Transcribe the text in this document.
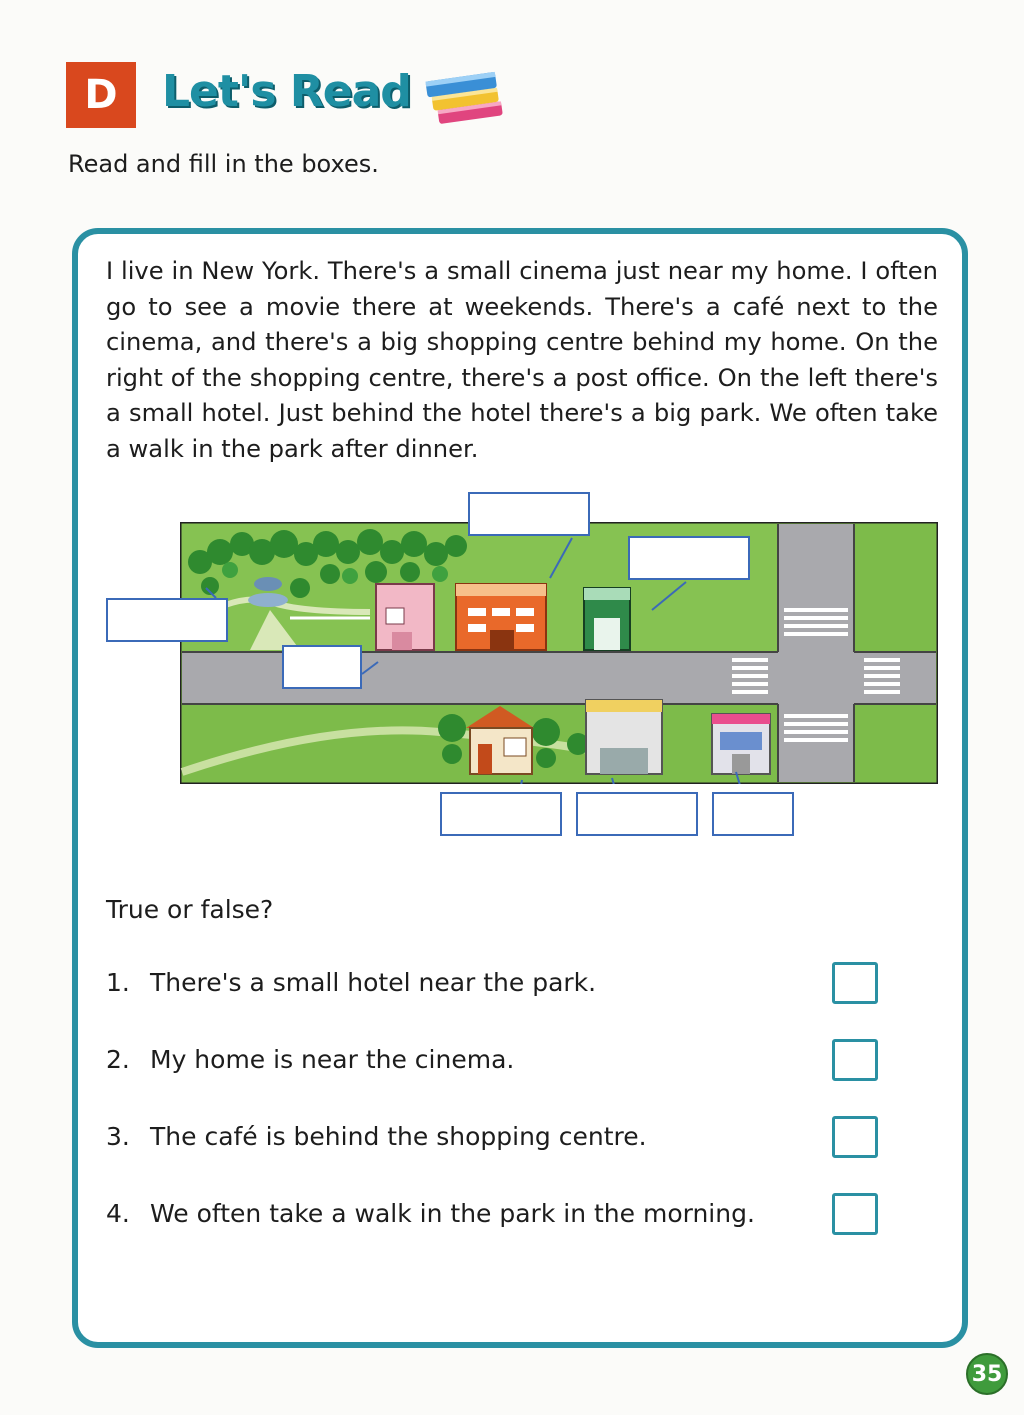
D	Let's Read
Read and fill in the boxes.

I live in New York. There's a small cinema just near my home. I often go to see a movie there at weekends. There's a café next to the cinema, and there's a big shopping centre behind my home. On the right of the shopping centre, there's a post office. On the left there's a small hotel. Just behind the hotel there's a big park. We often take a walk in the park after dinner.

True or false?
1. There's a small hotel near the park.
2. My home is near the cinema.
3. The café is behind the shopping centre.
4. We often take a walk in the park in the morning.
35
